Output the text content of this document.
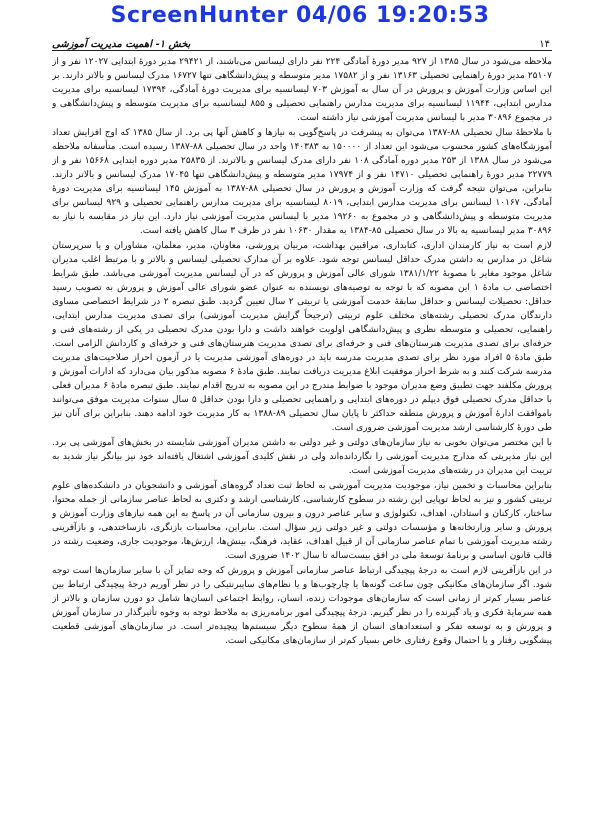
ScreenHunter 04/06 19:20:53
۱۴
بخش ۱- اهمیت مدیریت آموزشی

ملاحظه می‌شود در سال ۱۳۸۵ از ۹۲۷ مدیر دورهٔ آمادگی ۲۲۴ نفر دارای لیسانس می‌باشند، از ۲۹۴۲۱ مدیر دورهٔ ابتدایی ۱۲۰۲۷ نفر و از ۲۵۱۰۷ مدیر دورهٔ راهنمایی تحصیلی ۱۳۱۶۳ نفر و از ۱۷۵۸۲ مدیر متوسطه و پیش‌دانشگاهی تنها ۱۶۷۲۷ مدرک لیسانس و بالاتر دارند. بر این اساس وزارت آموزش و پرورش در آن سال به آموزش ۷۰۳ لیسانسیه برای مدیریت دورهٔ آمادگی، ۱۷۳۹۴ لیسانسیه برای مدیریت مدارس ابتدایی، ۱۱۹۴۴ لیسانسیه برای مدیریت مدارس راهنمایی تحصیلی و ۸۵۵ لیسانسیه برای مدیریت متوسطه و پیش‌دانشگاهی و در مجموع ۳۰۸۹۶ مدیر با لیسانس مدیریت آموزشی نیاز داشته است.

با ملاحظهٔ سال تحصیلی ۸۸-۱۳۸۷ می‌توان به پیشرفت در پاسخ‌گویی به نیازها و کاهش آنها پی برد. از سال ۱۳۸۵ که اوج افزایش تعداد آموزشگاه‌های کشور محسوب می‌شود این تعداد از ۱۵۰۰۰۰ به ۱۴۰۳۸۳ واحد در سال تحصیلی ۸۸-۱۳۸۷ رسیده است. متأسفانه ملاحظه می‌شود در سال ۱۳۸۸ از ۲۵۳ مدیر دوره آمادگی ۱۰۸ نفر دارای مدرک لیسانس و بالاترند. از ۲۵۸۳۵ مدیر دوره ابتدایی ۱۵۶۶۸ نفر و از ۲۲۷۷۹ مدیر دورهٔ راهنمایی تحصیلی ۱۴۷۱۰ نفر و از ۱۷۹۷۴ مدیر متوسطه و پیش‌دانشگاهی تنها ۱۷۰۴۵ مدرک لیسانس و بالاتر دارند. بنابراین، می‌توان نتیجه گرفت که وزارت آموزش و پرورش در سال تحصیلی ۸۸-۱۳۸۷ به آموزش ۱۴۵ لیسانسیه برای مدیریت دورهٔ آمادگی، ۱۰۱۶۷ لیسانس برای مدیریت مدارس ابتدایی، ۸۰۱۹ لیسانسیه برای مدیریت مدارس راهنمایی تحصیلی و ۹۲۹ لیسانس برای مدیریت متوسطه و پیش‌دانشگاهی و در مجموع به ۱۹۲۶۰ مدیر با لیسانس مدیریت آموزشی نیاز دارد. این نیاز در مقایسه با نیاز به ۳۰۸۹۶ مدیر لیسانسیه به بالا در سال تحصیلی ۸۵-۱۳۸۴ به مقدار ۱۰۶۳۰ نفر در ظرف ۳ سال کاهش یافته است.

لازم است به نیاز کارمندان اداری، کتابداری، مراقبین بهداشت، مربیان پرورشی، معاونان، مدیر، معلمان، مشاوران و یا سرپرستان شاغل در مدارس به داشتن مدرک حداقل لیسانس توجه شود. علاوه بر آن مدارک تحصیلی لیسانس و بالاتر و با مرتبط اغلب مدیران شاغل موجود مغایر با مصوبهٔ ۱۳۸۱/۱/۲۲ شورای عالی آموزش و پرورش که در آن لیسانس مدیریت آموزشی می‌باشد. طبق شرایط اختصاصی ب مادهٔ ۱ این مصوبه که با توجه به توصیه‌های نویسنده به عنوان عضو شورای عالی آموزش و پرورش به تصویب رسید حداقل: تحصیلات لیسانس و حداقل سابقهٔ خدمت آموزشی یا تربیتی ۲ سال تعیین گردید. طبق تبصره ۲ در شرایط اختصاصی مساوی دارندگان مدرک تحصیلی رشته‌های مختلف علوم تربیتی (ترجیحاً گرایش مدیریت آموزشی) برای تصدی مدیریت مدارس ابتدایی، راهنمایی، تحصیلی و متوسطه نظری و پیش‌دانشگاهی اولویت خواهند داشت و دارا بودن مدرک تحصیلی در یکی از رشته‌های فنی و حرفه‌ای برای تصدی مدیریت هنرستان‌های فنی و حرفه‌ای برای تصدی مدیریت هنرستان‌های فنی و حرفه‌ای و کاردانش الزامی است. طبق مادهٔ ۵ افراد مورد نظر برای تصدی مدیریت مدرسه باید در دوره‌های آموزشی مدیریت یا در آزمون احراز صلاحیت‌های مدیریت مدرسه شرکت کنند و به شرط احراز موفقیت ابلاغ مدیریت دریافت نمایند. طبق مادهٔ ۶ مصوبه مذکور بیان می‌دارد که ادارات آموزش و پرورش مکلفند جهت تطبیق وضع مدیران موجود با ضوابط مندرج در این مصوبه به تدریج اقدام نمایند. طبق تبصره مادهٔ ۶ مدیران فعلی با حداقل مدرک تحصیلی فوق دیپلم در دوره‌های ابتدایی و راهنمایی تحصیلی و دارا بودن حداقل ۵ سال سنوات مدیریت موفق می‌توانند باموافقت ادارهٔ آموزش و پرورش منطقه حداکثر تا پایان سال تحصیلی ۸۹-۱۳۸۸ به کار مدیریت خود ادامه دهند. بنابراین برای آنان نیز طی دورهٔ کارشناسی ارشد مدیریت آموزشی ضروری است.

با این مختصر می‌توان بخوبی به نیاز سازمان‌های دولتی و غیر دولتی به داشتن مدیران آموزشی شایسته در بخش‌های آموزشی پی برد. این نیاز مدیریتی که مدارج مدیریت آموزشی را نگاردانده‌اند ولی در نقش کلیدی آموزشی اشتغال یافته‌اند خود نیز بیانگر نیاز شدید به تربیت این مدیران در رشته‌های مدیریت آموزشی است.

بنابراین محاسبات و تخمین نیاز، موجودیت مدیریت آموزشی به لحاظ ثبت تعداد گروه‌های آموزشی و دانشجویان در دانشکده‌های علوم تربیتی کشور و نیز به لحاظ توپایی این رشته در سطوح کارشناسی، کارشناسی ارشد و دکتری به لحاظ عناصر سازمانی از جمله محتوا، ساختار، کارکنان و استادان، اهداف، تکنولوژی و سایر عناصر درون و بیرون سازمانی آن در پاسخ به این همه نیازهای وزارت آموزش و پرورش و سایر وزارتخانه‌ها و مؤسسات دولتی و غیر دولتی زیر سؤال است. بنابراین، محاسبات بازنگری، بازساختدهی، و بازآفرینی رشته مدیریت آموزشی با تمام عناصر سازمانی آن از قبیل اهداف، عقاید، فرهنگ، بینش‌ها، ارزش‌ها، موجودیت جاری، وضعیت رشته در قالب قانون اساسی و برنامهٔ توسعهٔ ملی در افق بیست‌ساله تا سال ۱۴۰۲ ضروری است.

در این بازآفرینی لازم است به درجهٔ پیچیدگی ارتباط عناصر سازمانی آموزش و پرورش که وجه تمایز آن با سایر سازمان‌ها است توجه شود. اگر سازمان‌های مکانیکی چون ساعت گونه‌ها یا چارچوب‌ها و یا نظام‌های سایبرنتیکی را در نظر آوریم درجهٔ پیچیدگی ارتباط بین عناصر بسیار کم‌تر از زمانی است که سازمان‌های موجودات زنده، انسان، روابط اجتماعی انسان‌ها شامل دو دورن سازمان و بالاتر از همه سرمایهٔ فکری و یاد گیرنده را در نظر گیریم. درجهٔ پیچیدگی امور برنامه‌ریزی به ملاحظ توجه به وجوه تأثیرگذار در سازمان آموزش و پرورش و به توسعه تفکر و استعدادهای انسان از همهٔ سطوح دیگر سیستم‌ها پیچیده‌تر است. در سازمان‌های آموزشی قطعیت پیشگویی رفتار و یا احتمال وقوع رفتاری خاص بسیار کم‌تر از سازمان‌های مکانیکی است.
